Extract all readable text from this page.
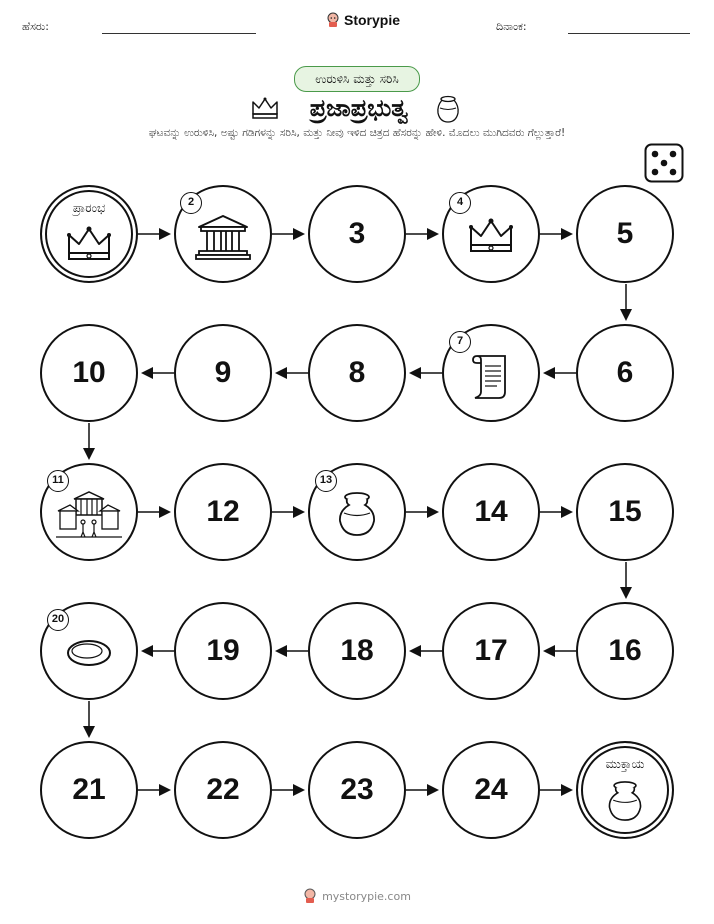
ಹೆಸರು:	Storypie	ದಿನಾಂಕ:
ಉರುಳಿಸಿ ಮತ್ತು ಸರಿಸಿ
ಪ್ರಜಾಪ್ರಭುತ್ವ
ಘಟವನ್ನು ಉರುಳಿಸಿ, ಅಷ್ಟು ಗಡಿಗಳನ್ನು ಸರಿಸಿ, ಮತ್ತು ನೀವು ಇಳಿದ ಚಿತ್ರದ ಹೆಸರನ್ನು ಹೇಳಿ. ಮೊದಲು ಮುಗಿದವರು ಗೆಲ್ಲುತ್ತಾರೆ!
ಪ್ರಾರಂಭ	2
3
4
5
10	9	8
7
6
11
12
13
14	15
20
19	18	17	16
21	22	23	24
ಮುಕ್ತಾಯ
mystorypie.com
